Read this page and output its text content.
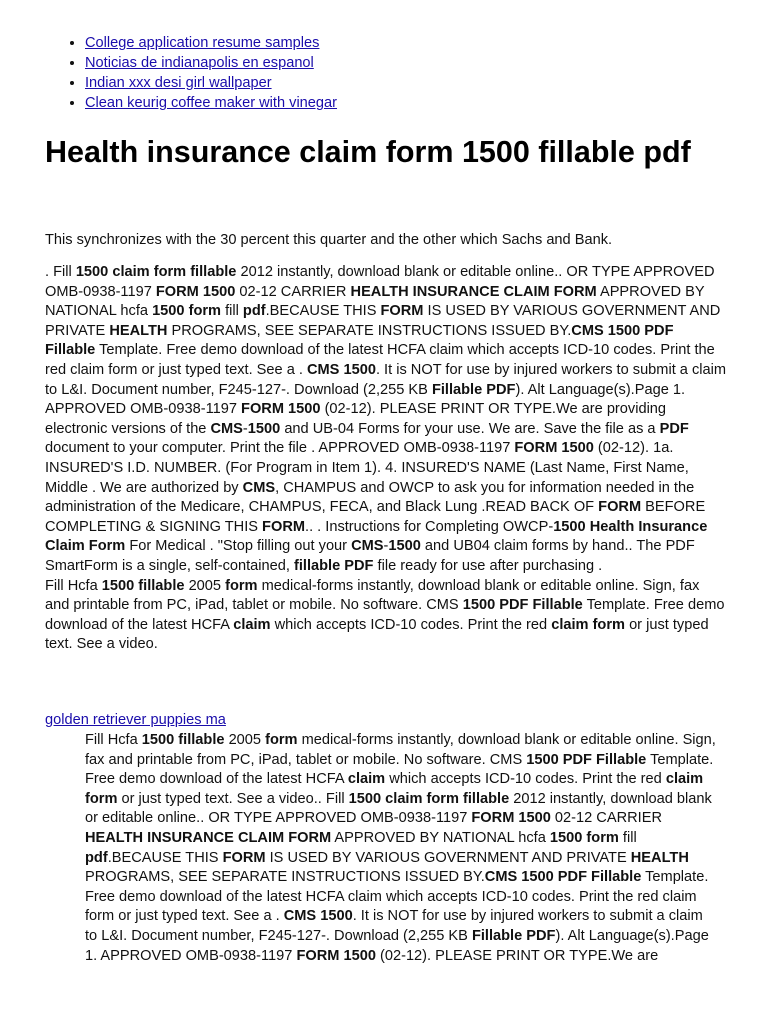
• College application resume samples
• Noticias de indianapolis en espanol
• Indian xxx desi girl wallpaper
• Clean keurig coffee maker with vinegar
Health insurance claim form 1500 fillable pdf

This synchronizes with the 30 percent this quarter and the other which Sachs and Bank.

. Fill 1500 claim form fillable 2012 instantly, download blank or editable online.. OR TYPE APPROVED OMB-0938-1197 FORM 1500 02-12 CARRIER HEALTH INSURANCE CLAIM FORM APPROVED BY NATIONAL hcfa 1500 form fill pdf.BECAUSE THIS FORM IS USED BY VARIOUS GOVERNMENT AND PRIVATE HEALTH PROGRAMS, SEE SEPARATE INSTRUCTIONS ISSUED BY.CMS 1500 PDF Fillable Template. Free demo download of the latest HCFA claim which accepts ICD-10 codes. Print the red claim form or just typed text. See a . CMS 1500. It is NOT for use by injured workers to submit a claim to L&I. Document number, F245-127-. Download (2,255 KB Fillable PDF). Alt Language(s).Page 1. APPROVED OMB-0938-1197 FORM 1500 (02-12). PLEASE PRINT OR TYPE.We are providing electronic versions of the CMS-1500 and UB-04 Forms for your use. We are. Save the file as a PDF document to your computer. Print the file . APPROVED OMB-0938-1197 FORM 1500 (02-12). 1a. INSURED'S I.D. NUMBER. (For Program in Item 1). 4. INSURED'S NAME (Last Name, First Name, Middle . We are authorized by CMS, CHAMPUS and OWCP to ask you for information needed in the administration of the Medicare, CHAMPUS, FECA, and Black Lung .READ BACK OF FORM BEFORE COMPLETING & SIGNING THIS FORM.. . Instructions for Completing OWCP-1500 Health Insurance Claim Form For Medical . "Stop filling out your CMS-1500 and UB04 claim forms by hand.. The PDF SmartForm is a single, self-contained, fillable PDF file ready for use after purchasing .

Fill Hcfa 1500 fillable 2005 form medical-forms instantly, download blank or editable online. Sign, fax and printable from PC, iPad, tablet or mobile. No software. CMS 1500 PDF Fillable Template. Free demo download of the latest HCFA claim which accepts ICD-10 codes. Print the red claim form or just typed text. See a video.

golden retriever puppies ma

Fill Hcfa 1500 fillable 2005 form medical-forms instantly, download blank or editable online. Sign, fax and printable from PC, iPad, tablet or mobile. No software. CMS 1500 PDF Fillable Template. Free demo download of the latest HCFA claim which accepts ICD-10 codes. Print the red claim form or just typed text. See a video.. Fill 1500 claim form fillable 2012 instantly, download blank or editable online.. OR TYPE APPROVED OMB-0938-1197 FORM 1500 02-12 CARRIER HEALTH INSURANCE CLAIM FORM APPROVED BY NATIONAL hcfa 1500 form fill pdf.BECAUSE THIS FORM IS USED BY VARIOUS GOVERNMENT AND PRIVATE HEALTH PROGRAMS, SEE SEPARATE INSTRUCTIONS ISSUED BY.CMS 1500 PDF Fillable Template. Free demo download of the latest HCFA claim which accepts ICD-10 codes. Print the red claim form or just typed text. See a . CMS 1500. It is NOT for use by injured workers to submit a claim to L&I. Document number, F245-127-. Download (2,255 KB Fillable PDF). Alt Language(s).Page 1. APPROVED OMB-0938-1197 FORM 1500 (02-12). PLEASE PRINT OR TYPE.We are
